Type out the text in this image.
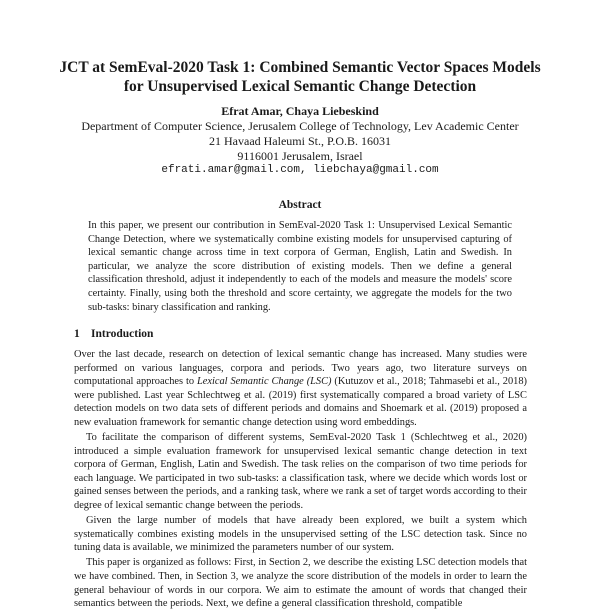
JCT at SemEval-2020 Task 1: Combined Semantic Vector Spaces Models
for Unsupervised Lexical Semantic Change Detection
Efrat Amar, Chaya Liebeskind
Department of Computer Science, Jerusalem College of Technology, Lev Academic Center
21 Havaad Haleumi St., P.O.B. 16031
9116001 Jerusalem, Israel
efrati.amar@gmail.com, liebchaya@gmail.com
Abstract
In this paper, we present our contribution in SemEval-2020 Task 1: Unsupervised Lexical Semantic Change Detection, where we systematically combine existing models for unsupervised capturing of lexical semantic change across time in text corpora of German, English, Latin and Swedish. In particular, we analyze the score distribution of existing models. Then we define a general classification threshold, adjust it independently to each of the models and measure the models' score certainty. Finally, using both the threshold and score certainty, we aggregate the models for the two sub-tasks: binary classification and ranking.
1 Introduction

Over the last decade, research on detection of lexical semantic change has increased. Many studies were performed on various languages, corpora and periods. Two years ago, two literature surveys on computational approaches to Lexical Semantic Change (LSC) (Kutuzov et al., 2018; Tahmasebi et al., 2018) were published. Last year Schlechtweg et al. (2019) first systematically compared a broad variety of LSC detection models on two data sets of different periods and domains and Shoemark et al. (2019) proposed a new evaluation framework for semantic change detection using word embeddings.

To facilitate the comparison of different systems, SemEval-2020 Task 1 (Schlechtweg et al., 2020) introduced a simple evaluation framework for unsupervised lexical semantic change detection in text corpora of German, English, Latin and Swedish. The task relies on the comparison of two time periods for each language. We participated in two sub-tasks: a classification task, where we decide which words lost or gained senses between the periods, and a ranking task, where we rank a set of target words according to their degree of lexical semantic change between the periods.

Given the large number of models that have already been explored, we built a system which systematically combines existing models in the unsupervised setting of the LSC detection task. Since no tuning data is available, we minimized the parameters number of our system.

This paper is organized as follows: First, in Section 2, we describe the existing LSC detection models that we have combined. Then, in Section 3, we analyze the score distribution of the models in order to learn the general behaviour of words in our corpora. We aim to estimate the amount of words that changed their semantics between the periods. Next, we define a general classification threshold, compatible
